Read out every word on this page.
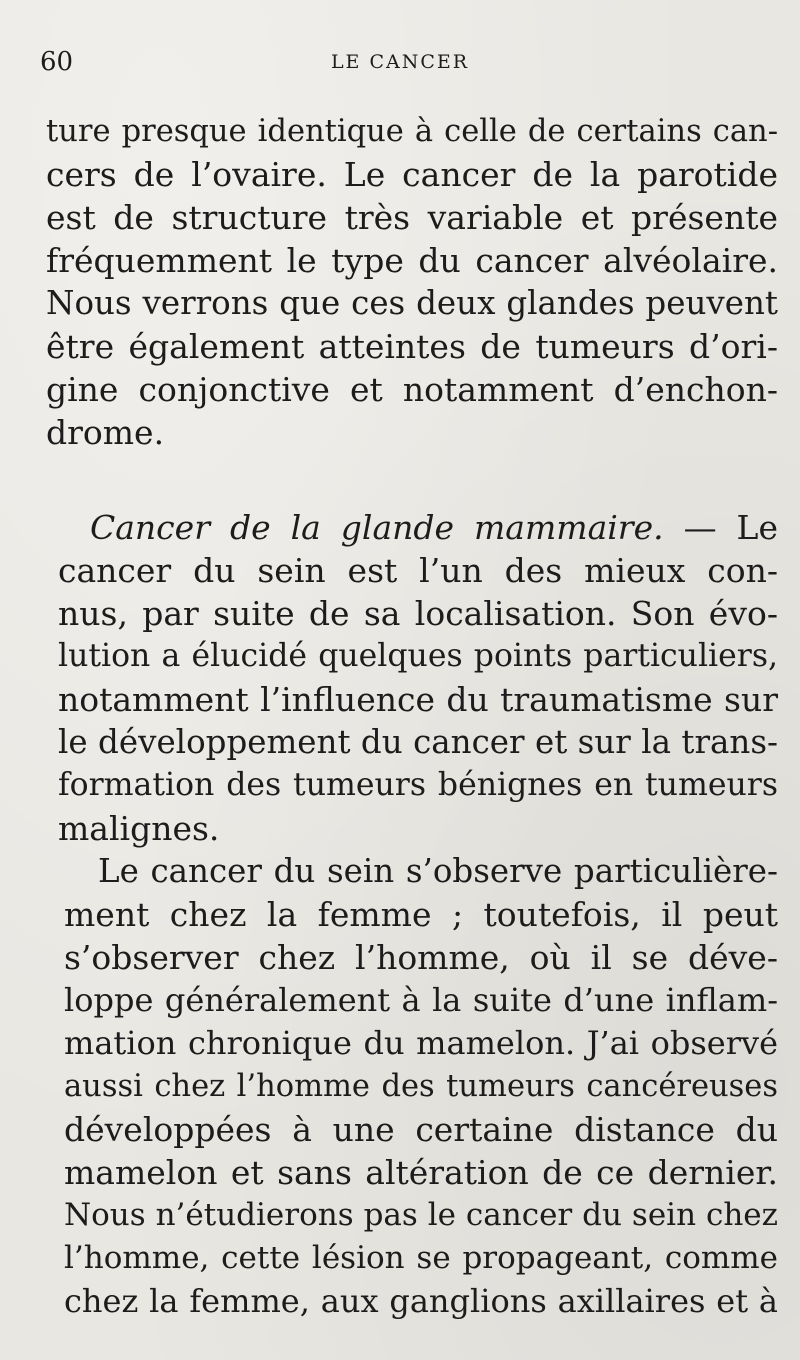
60	LE CANCER
ture presque identique à celle de certains can-
cers de l’ovaire. Le cancer de la parotide
est de structure très variable et présente
fréquemment le type du cancer alvéolaire.
Nous verrons que ces deux glandes peuvent
être également atteintes de tumeurs d’ori-
gine conjonctive et notamment d’enchon-
drome.
Cancer de la glande mammaire. — Le
cancer du sein est l’un des mieux con-
nus, par suite de sa localisation. Son évo-
lution a élucidé quelques points particuliers,
notamment l’influence du traumatisme sur
le développement du cancer et sur la trans-
formation des tumeurs bénignes en tumeurs
malignes.
Le cancer du sein s’observe particulière-
ment chez la femme ; toutefois, il peut
s’observer chez l’homme, où il se déve-
loppe généralement à la suite d’une inflam-
mation chronique du mamelon. J’ai observé
aussi chez l’homme des tumeurs cancéreuses
développées à une certaine distance du
mamelon et sans altération de ce dernier.
Nous n’étudierons pas le cancer du sein chez
l’homme, cette lésion se propageant, comme
chez la femme, aux ganglions axillaires et à
